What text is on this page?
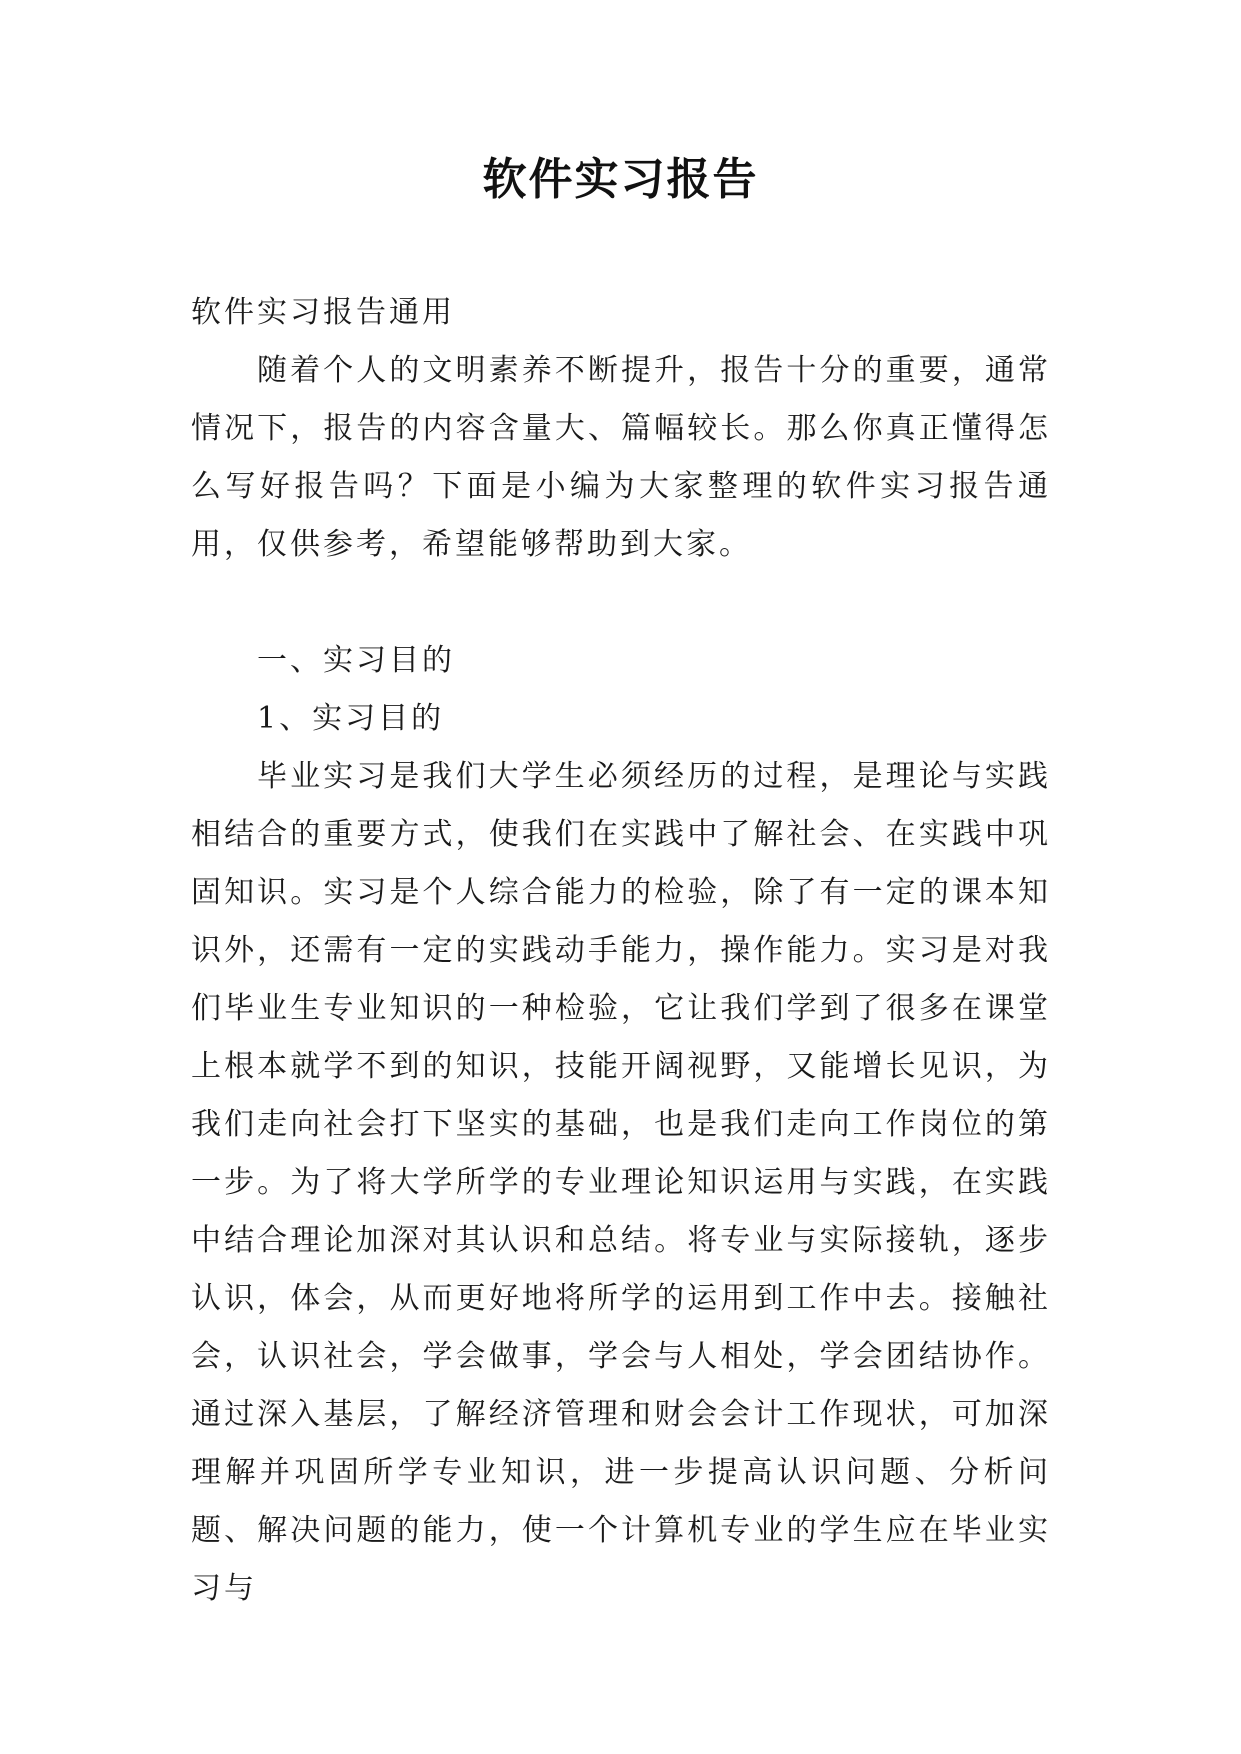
软件实习报告

软件实习报告通用

随着个人的文明素养不断提升，报告十分的重要，通常情况下，报告的内容含量大、篇幅较长。那么你真正懂得怎么写好报告吗？下面是小编为大家整理的软件实习报告通用，仅供参考，希望能够帮助到大家。

一、实习目的

1、实习目的

毕业实习是我们大学生必须经历的过程，是理论与实践相结合的重要方式，使我们在实践中了解社会、在实践中巩固知识。实习是个人综合能力的检验，除了有一定的课本知识外，还需有一定的实践动手能力，操作能力。实习是对我们毕业生专业知识的一种检验，它让我们学到了很多在课堂上根本就学不到的知识，技能开阔视野，又能增长见识，为我们走向社会打下坚实的基础，也是我们走向工作岗位的第一步。为了将大学所学的专业理论知识运用与实践，在实践中结合理论加深对其认识和总结。将专业与实际接轨，逐步认识，体会，从而更好地将所学的运用到工作中去。接触社会，认识社会，学会做事，学会与人相处，学会团结协作。通过深入基层，了解经济管理和财会会计工作现状，可加深理解并巩固所学专业知识，进一步提高认识问题、分析问题、解决问题的能力，使一个计算机专业的学生应在毕业实习与
